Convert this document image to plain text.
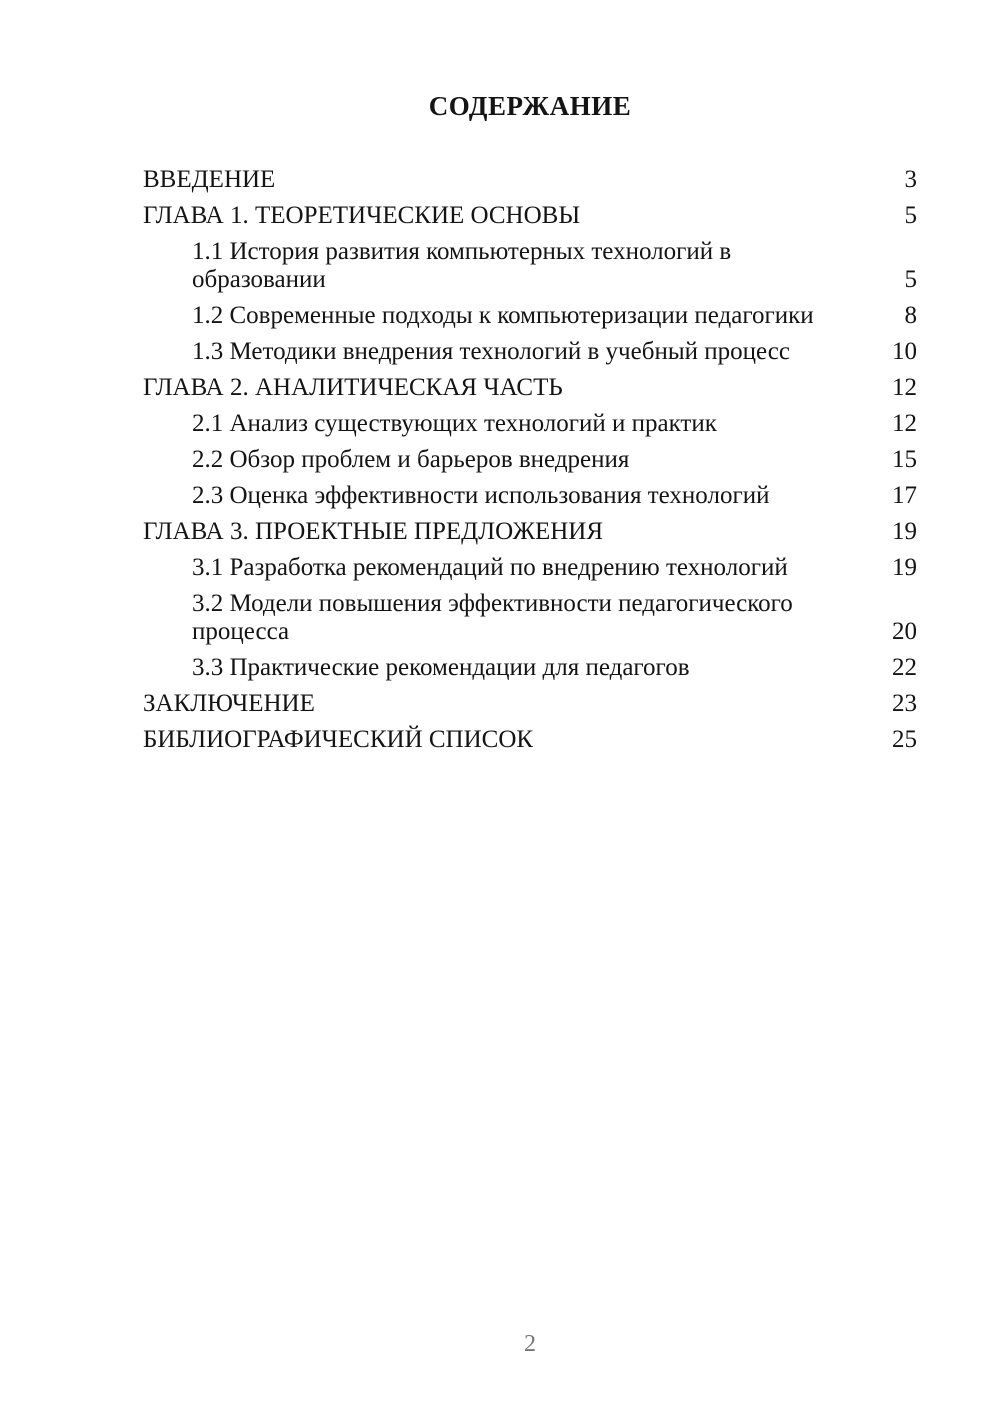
СОДЕРЖАНИЕ
ВВЕДЕНИЕ	3
ГЛАВА 1. ТЕОРЕТИЧЕСКИЕ ОСНОВЫ	5
1.1 История развития компьютерных технологий в
образовании	5
1.2 Современные подходы к компьютеризации педагогики	8
1.3 Методики внедрения технологий в учебный процесс	10
ГЛАВА 2. АНАЛИТИЧЕСКАЯ ЧАСТЬ	12
2.1 Анализ существующих технологий и практик	12
2.2 Обзор проблем и барьеров внедрения	15
2.3 Оценка эффективности использования технологий	17
ГЛАВА 3. ПРОЕКТНЫЕ ПРЕДЛОЖЕНИЯ	19
3.1 Разработка рекомендаций по внедрению технологий	19
3.2 Модели повышения эффективности педагогического
процесса	20
3.3 Практические рекомендации для педагогов	22
ЗАКЛЮЧЕНИЕ	23
БИБЛИОГРАФИЧЕСКИЙ СПИСОК	25
2
